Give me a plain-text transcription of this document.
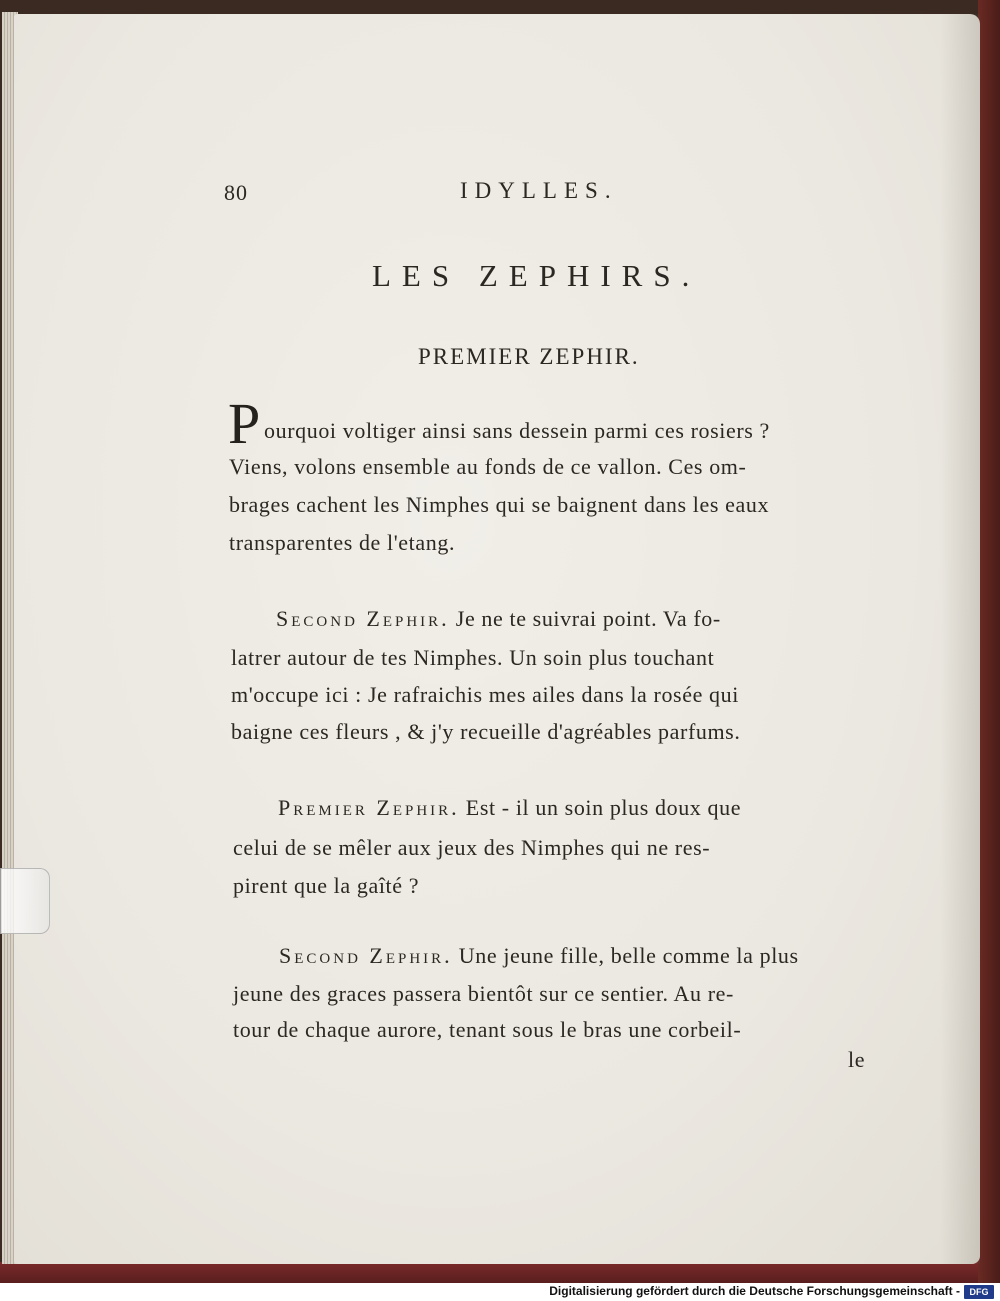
80	IDYLLES.
LES ZEPHIRS.
PREMIER ZEPHIR.
P ourquoi voltiger ainsi sans dessein parmi ces rosiers ?
Viens, volons ensemble au fonds de ce vallon. Ces om-
brages cachent les Nimphes qui se baignent dans les eaux
transparentes de l'etang.
Second Zephir. Je ne te suivrai point. Va fo-
latrer autour de tes Nimphes. Un soin plus touchant
m'occupe ici : Je rafraichis mes ailes dans la rosée qui
baigne ces fleurs , & j'y recueille d'agréables parfums.
Premier Zephir. Est - il un soin plus doux que
celui de se mêler aux jeux des Nimphes qui ne res-
pirent que la gaîté ?
Second Zephir. Une jeune fille, belle comme la plus
jeune des graces passera bientôt sur ce sentier. Au re-
tour de chaque aurore, tenant sous le bras une corbeil-
le
Digitalisierung gefördert durch die Deutsche Forschungsgemeinschaft -	DFG
